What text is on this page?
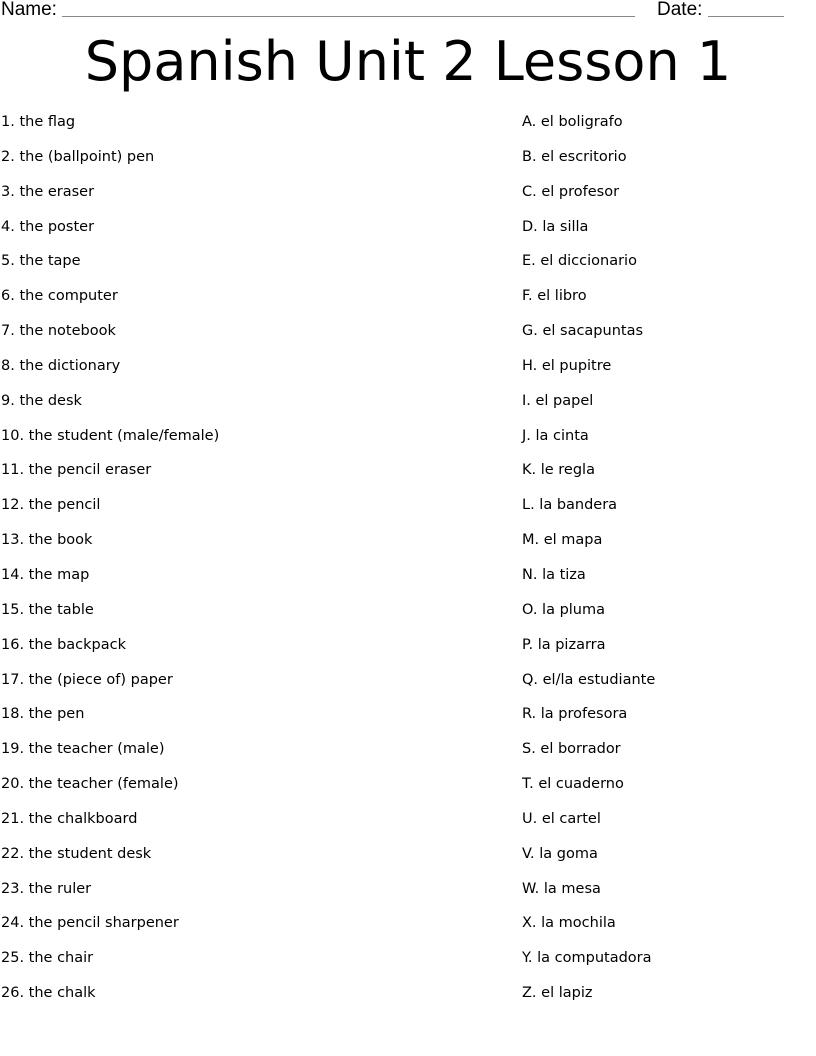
Name:	Date:
Spanish Unit 2 Lesson 1
1. the flag
2. the (ballpoint) pen
3. the eraser
4. the poster
5. the tape
6. the computer
7. the notebook
8. the dictionary
9. the desk
10. the student (male/female)
11. the pencil eraser
12. the pencil
13. the book
14. the map
15. the table
16. the backpack
17. the (piece of) paper
18. the pen
19. the teacher (male)
20. the teacher (female)
21. the chalkboard
22. the student desk
23. the ruler
24. the pencil sharpener
25. the chair
26. the chalk
A. el boligrafo
B. el escritorio
C. el profesor
D. la silla
E. el diccionario
F. el libro
G. el sacapuntas
H. el pupitre
I. el papel
J. la cinta
K. le regla
L. la bandera
M. el mapa
N. la tiza
O. la pluma
P. la pizarra
Q. el/la estudiante
R. la profesora
S. el borrador
T. el cuaderno
U. el cartel
V. la goma
W. la mesa
X. la mochila
Y. la computadora
Z. el lapiz
